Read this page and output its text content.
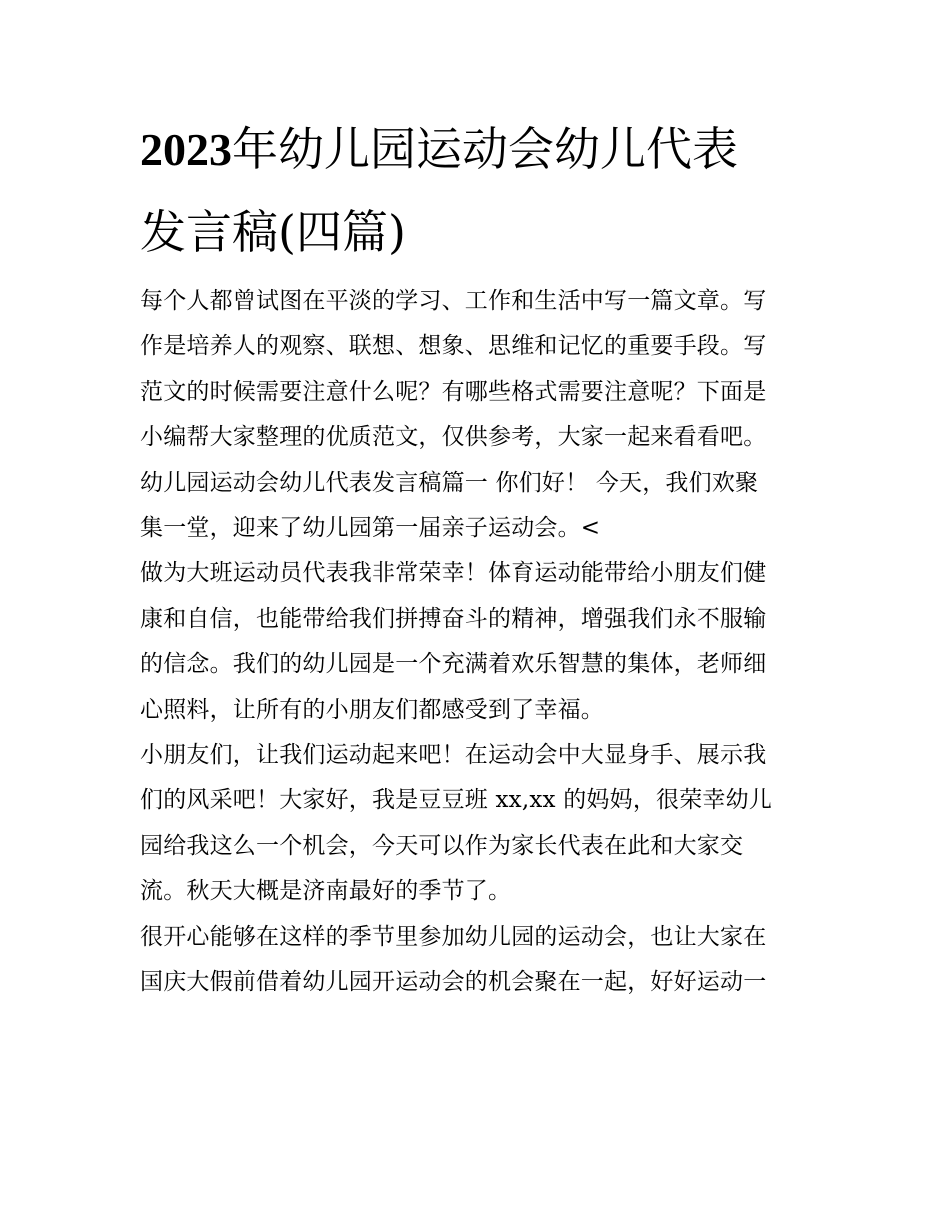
2023年幼儿园运动会幼儿代表
发言稿(四篇)

每个人都曾试图在平淡的学习、工作和生活中写一篇文章。写
作是培养人的观察、联想、想象、思维和记忆的重要手段。写
范文的时候需要注意什么呢？有哪些格式需要注意呢？下面是
小编帮大家整理的优质范文，仅供参考，大家一起来看看吧。
幼儿园运动会幼儿代表发言稿篇一 你们好！ 今天，我们欢聚
集一堂，迎来了幼儿园第一届亲子运动会。<

做为大班运动员代表我非常荣幸！体育运动能带给小朋友们健
康和自信，也能带给我们拼搏奋斗的精神，增强我们永不服输
的信念。我们的幼儿园是一个充满着欢乐智慧的集体，老师细
心照料，让所有的小朋友们都感受到了幸福。

小朋友们，让我们运动起来吧！在运动会中大显身手、展示我
们的风采吧！大家好，我是豆豆班 xx,xx 的妈妈，很荣幸幼儿
园给我这么一个机会，今天可以作为家长代表在此和大家交
流。秋天大概是济南最好的季节了。

很开心能够在这样的季节里参加幼儿园的运动会，也让大家在
国庆大假前借着幼儿园开运动会的机会聚在一起，好好运动一
